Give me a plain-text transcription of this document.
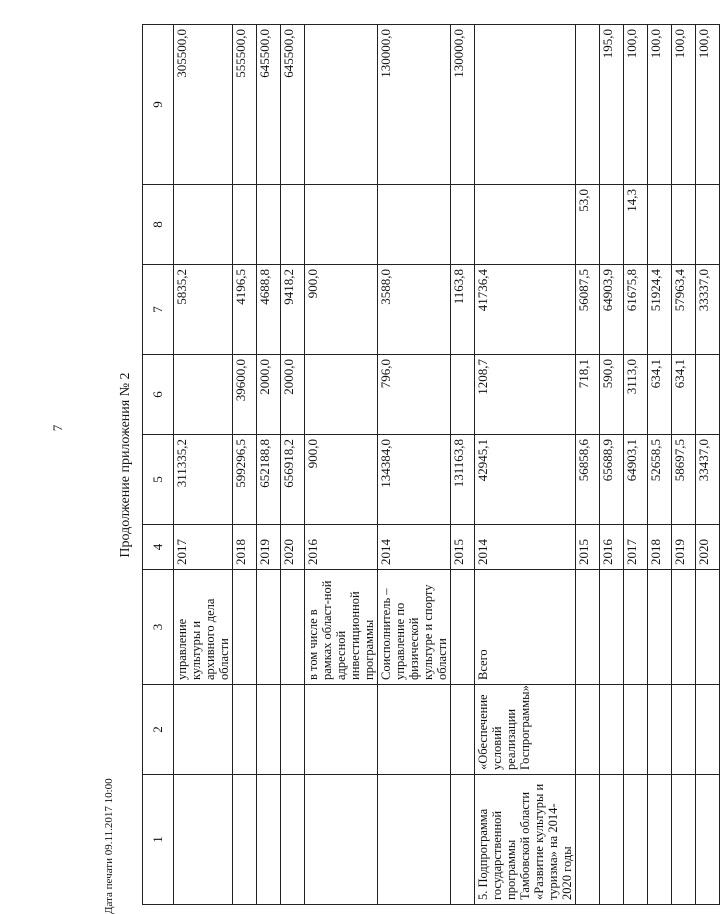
7
Дата печати 09.11.2017 10:00
Продолжение приложения № 2
1	2	3	4	5	6	7	8	9
		управление культуры и архивного дела области	2017	311335,2		5835,2		305500,0
			2018	599296,5	39600,0	4196,5		555500,0
			2019	652188,8	2000,0	4688,8		645500,0
			2020	656918,2	2000,0	9418,2		645500,0
		в том числе в рамках област-ной адресной инвестиционной программы	2016	900,0		900,0		
		Соисполнитель – управление по физической культуре и спорту области	2014	134384,0	796,0	3588,0		130000,0
			2015	131163,8		1163,8		130000,0
5. Подпрограмма государственной программы Тамбовской области «Развитие культуры и туризма» на 2014-2020 годы	«Обеспечение условий реализации Госпрограммы»	Всего	2014	42945,1	1208,7	41736,4		
			2015	56858,6	718,1	56087,5	53,0	
			2016	65688,9	590,0	64903,9		195,0
			2017	64903,1	3113,0	61675,8	14,3	100,0
			2018	52658,5	634,1	51924,4		100,0
			2019	58697,5	634,1	57963,4		100,0
			2020	33437,0		33337,0		100,0
